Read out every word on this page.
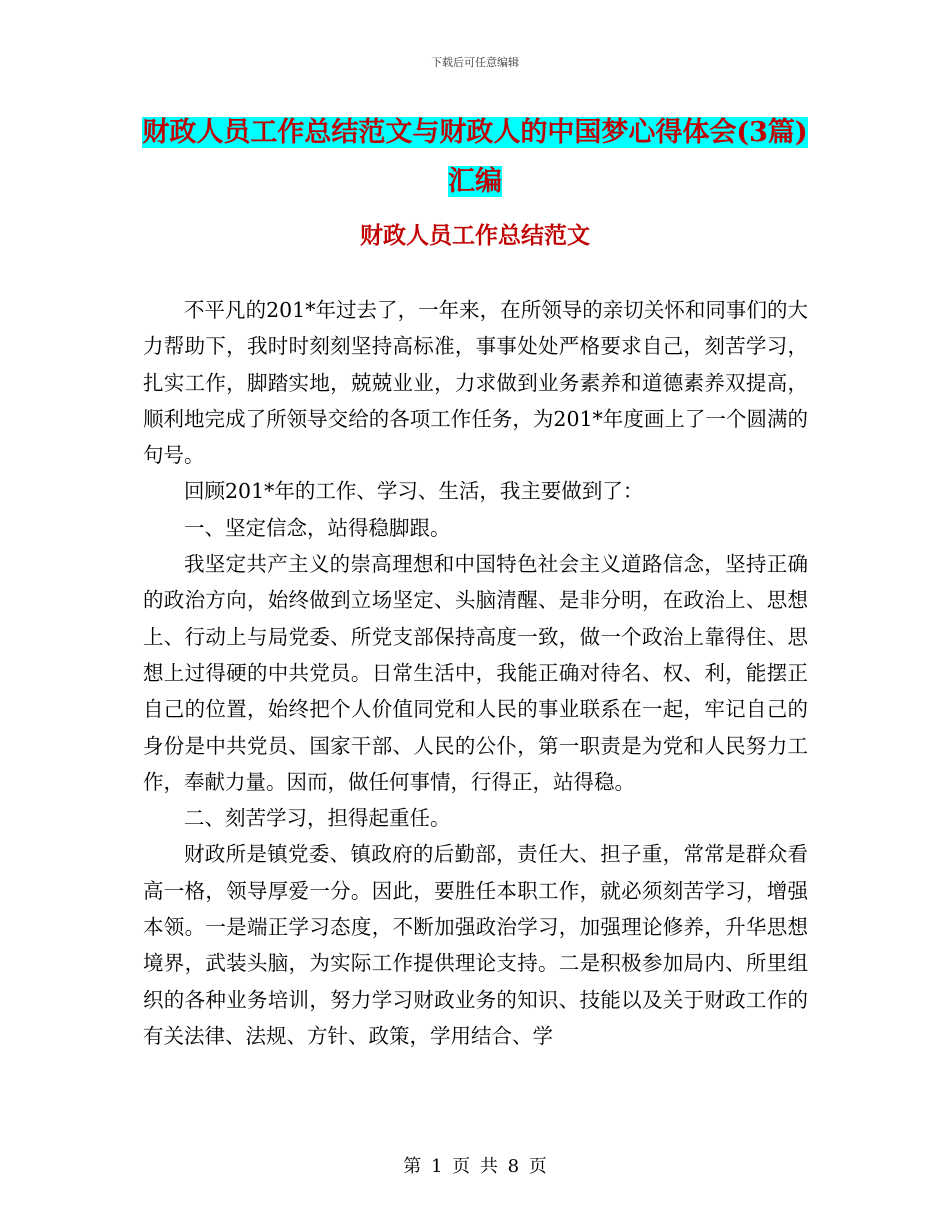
下载后可任意编辑
财政人员工作总结范文与财政人的中国梦心得体会(3篇)汇编
财政人员工作总结范文

不平凡的201*年过去了，一年来，在所领导的亲切关怀和同事们的大力帮助下，我时时刻刻坚持高标准，事事处处严格要求自己，刻苦学习，扎实工作，脚踏实地，兢兢业业，力求做到业务素养和道德素养双提高，顺利地完成了所领导交给的各项工作任务，为201*年度画上了一个圆满的句号。

回顾201*年的工作、学习、生活，我主要做到了：

一、坚定信念，站得稳脚跟。

我坚定共产主义的崇高理想和中国特色社会主义道路信念，坚持正确的政治方向，始终做到立场坚定、头脑清醒、是非分明，在政治上、思想上、行动上与局党委、所党支部保持高度一致，做一个政治上靠得住、思想上过得硬的中共党员。日常生活中，我能正确对待名、权、利，能摆正自己的位置，始终把个人价值同党和人民的事业联系在一起，牢记自己的身份是中共党员、国家干部、人民的公仆，第一职责是为党和人民努力工作，奉献力量。因而，做任何事情，行得正，站得稳。

二、刻苦学习，担得起重任。

财政所是镇党委、镇政府的后勤部，责任大、担子重，常常是群众看高一格，领导厚爱一分。因此，要胜任本职工作，就必须刻苦学习，增强本领。一是端正学习态度，不断加强政治学习，加强理论修养，升华思想境界，武装头脑，为实际工作提供理论支持。二是积极参加局内、所里组织的各种业务培训，努力学习财政业务的知识、技能以及关于财政工作的有关法律、法规、方针、政策，学用结合、学

第 1 页 共 8 页
